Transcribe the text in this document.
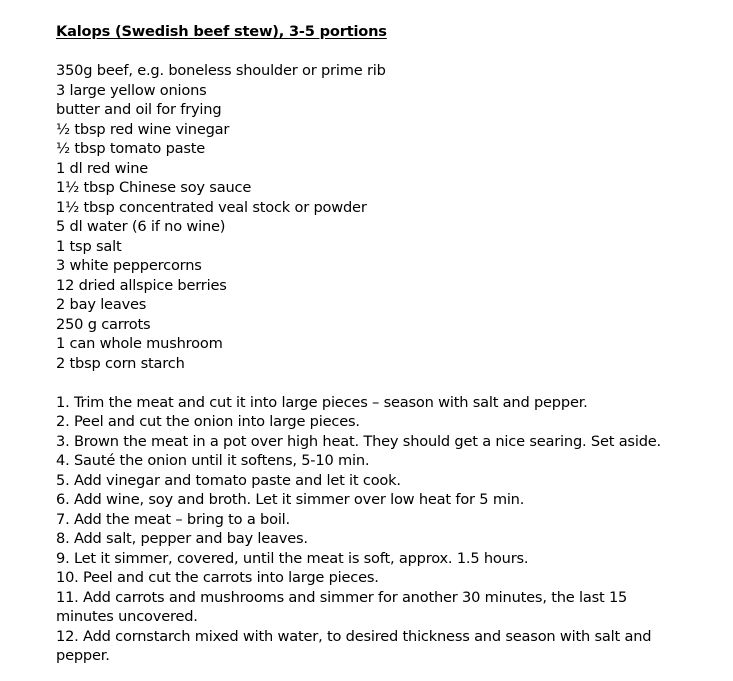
Kalops (Swedish beef stew), 3-5 portions
350g beef, e.g. boneless shoulder or prime rib
3 large yellow onions
butter and oil for frying
½ tbsp red wine vinegar
½ tbsp tomato paste
1 dl red wine
1½ tbsp Chinese soy sauce
1½ tbsp concentrated veal stock or powder
5 dl water (6 if no wine)
1 tsp salt
3 white peppercorns
12 dried allspice berries
2 bay leaves
250 g carrots
1 can whole mushroom
2 tbsp corn starch
1. Trim the meat and cut it into large pieces – season with salt and pepper.
2. Peel and cut the onion into large pieces.
3. Brown the meat in a pot over high heat. They should get a nice searing. Set aside.
4. Sauté the onion until it softens, 5-10 min.
5. Add vinegar and tomato paste and let it cook.
6. Add wine, soy and broth. Let it simmer over low heat for 5 min.
7. Add the meat – bring to a boil.
8. Add salt, pepper and bay leaves.
9. Let it simmer, covered, until the meat is soft, approx. 1.5 hours.
10. Peel and cut the carrots into large pieces.
11. Add carrots and mushrooms and simmer for another 30 minutes, the last 15 minutes uncovered.
12. Add cornstarch mixed with water, to desired thickness and season with salt and pepper.
